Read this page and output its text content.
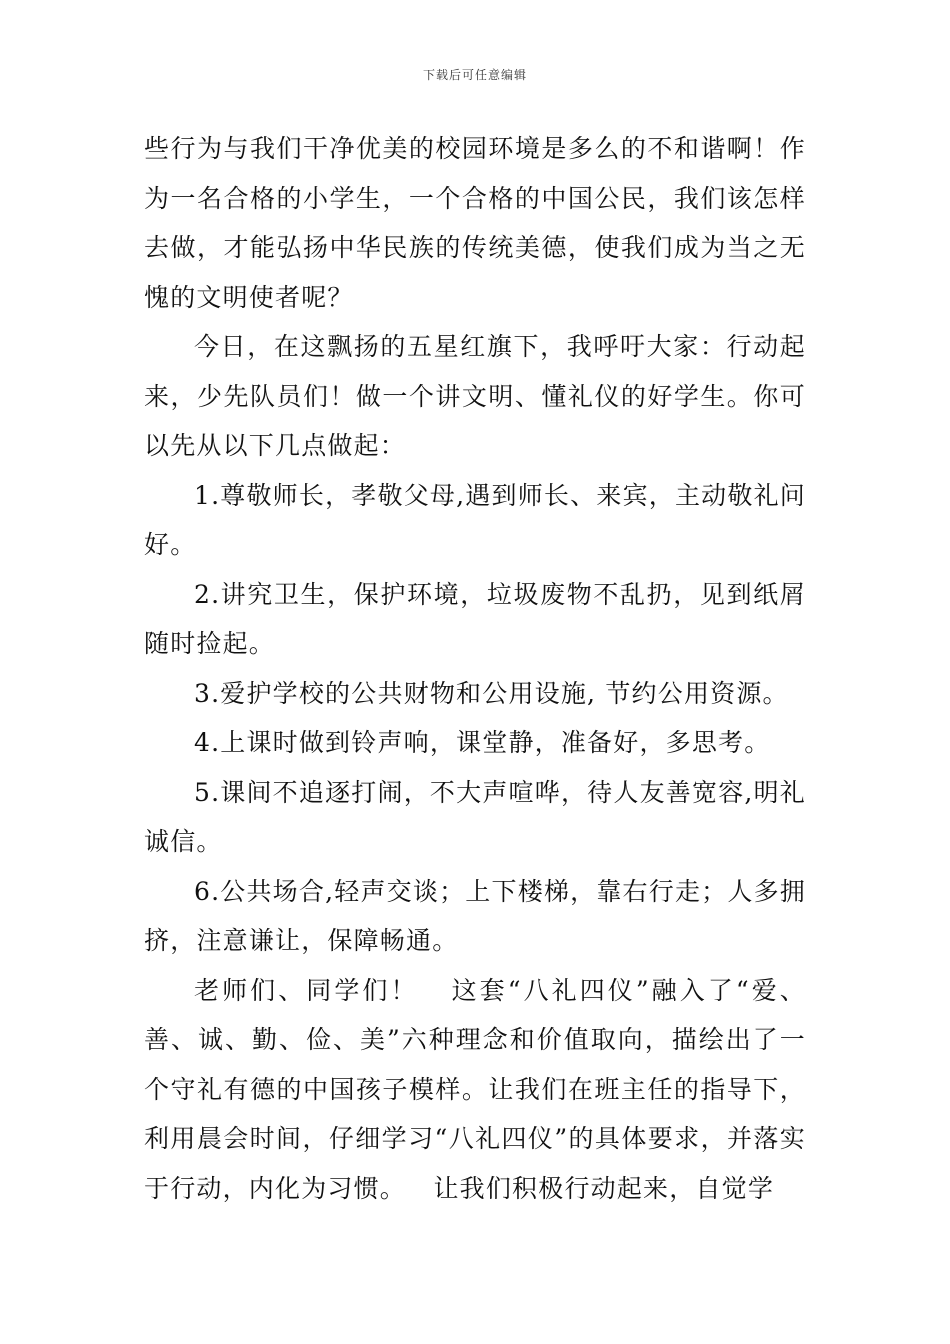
下载后可任意编辑

些行为与我们干净优美的校园环境是多么的不和谐啊！作为一名合格的小学生，一个合格的中国公民，我们该怎样去做，才能弘扬中华民族的传统美德，使我们成为当之无愧的文明使者呢？

今日，在这飘扬的五星红旗下，我呼吁大家：行动起来，少先队员们！做一个讲文明、懂礼仪的好学生。你可以先从以下几点做起：

1.尊敬师长，孝敬父母,遇到师长、来宾，主动敬礼问好。

2.讲究卫生，保护环境，垃圾废物不乱扔，见到纸屑随时捡起。

3.爱护学校的公共财物和公用设施, 节约公用资源。

4.上课时做到铃声响，课堂静，准备好，多思考。

5.课间不追逐打闹，不大声喧哗，待人友善宽容,明礼诚信。

6.公共场合,轻声交谈；上下楼梯，靠右行走；人多拥挤，注意谦让，保障畅通。

老师们、同学们！   这套“八礼四仪”融入了“爱、善、诚、勤、俭、美”六种理念和价值取向，描绘出了一个守礼有德的中国孩子模样。让我们在班主任的指导下，利用晨会时间，仔细学习“八礼四仪”的具体要求，并落实于行动，内化为习惯。   让我们积极行动起来，自觉学
